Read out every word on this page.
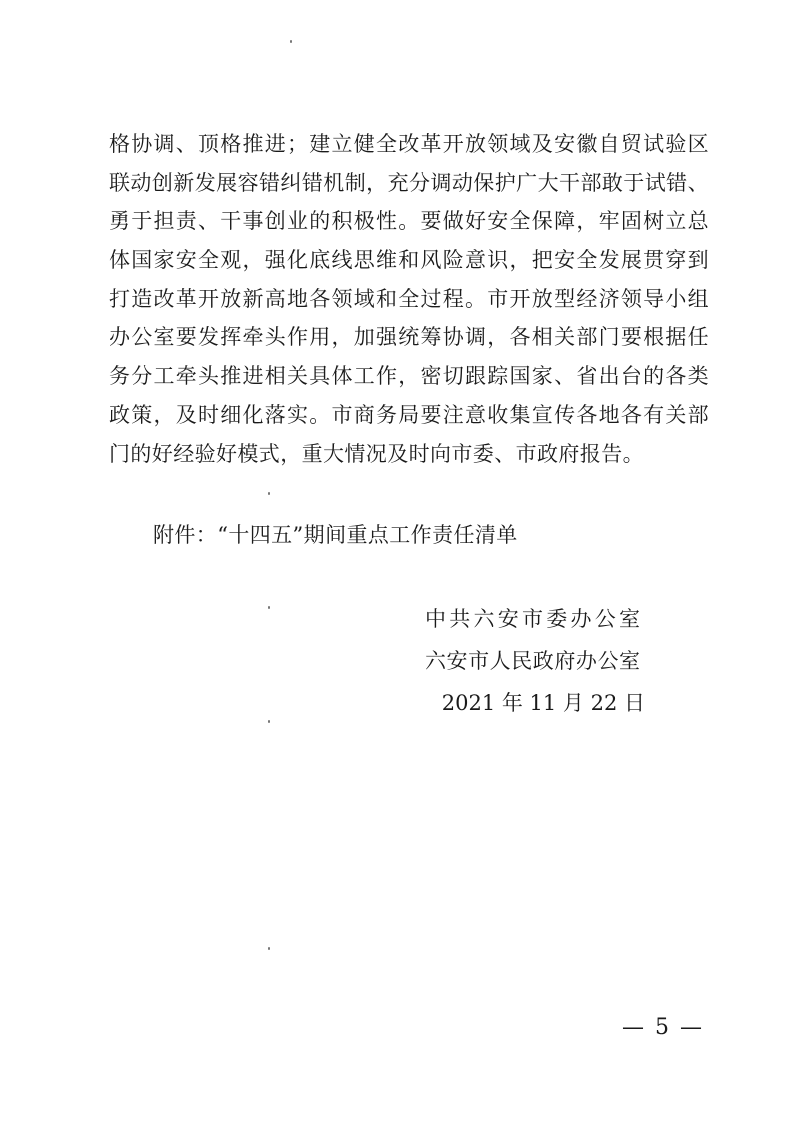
格协调、顶格推进；建立健全改革开放领域及安徽自贸试验区
联动创新发展容错纠错机制，充分调动保护广大干部敢于试错、
勇于担责、干事创业的积极性。要做好安全保障，牢固树立总
体国家安全观，强化底线思维和风险意识，把安全发展贯穿到
打造改革开放新高地各领域和全过程。市开放型经济领导小组
办公室要发挥牵头作用，加强统筹协调，各相关部门要根据任
务分工牵头推进相关具体工作，密切跟踪国家、省出台的各类
政策，及时细化落实。市商务局要注意收集宣传各地各有关部
门的好经验好模式，重大情况及时向市委、市政府报告。
附件：“十四五”期间重点工作责任清单
中共六安市委办公室
六安市人民政府办公室
2021 年 11 月 22 日
— 5 —
